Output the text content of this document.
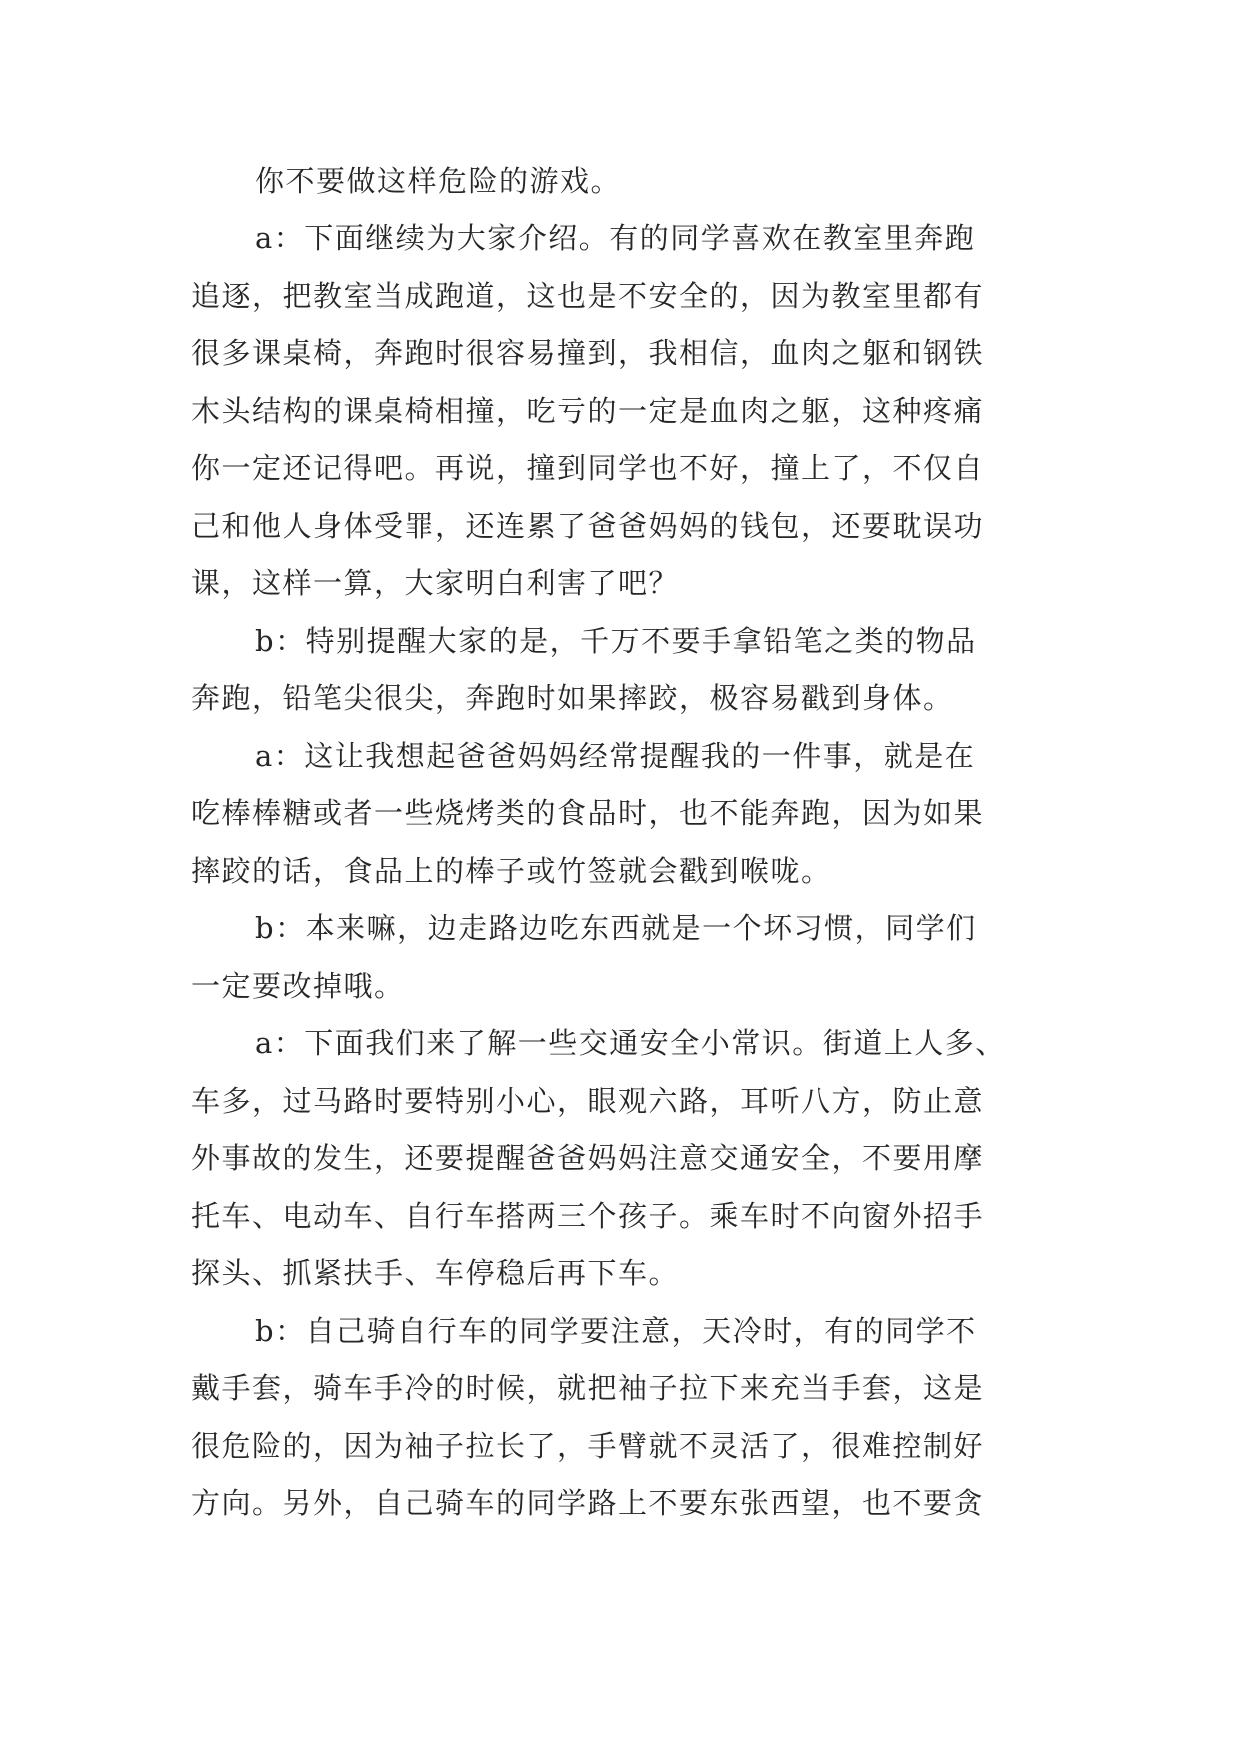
你不要做这样危险的游戏。
a：下面继续为大家介绍。有的同学喜欢在教室里奔跑
追逐，把教室当成跑道，这也是不安全的，因为教室里都有
很多课桌椅，奔跑时很容易撞到，我相信，血肉之躯和钢铁
木头结构的课桌椅相撞，吃亏的一定是血肉之躯，这种疼痛
你一定还记得吧。再说，撞到同学也不好，撞上了，不仅自
己和他人身体受罪，还连累了爸爸妈妈的钱包，还要耽误功
课，这样一算，大家明白利害了吧？
b：特别提醒大家的是，千万不要手拿铅笔之类的物品
奔跑，铅笔尖很尖，奔跑时如果摔跤，极容易戳到身体。
a：这让我想起爸爸妈妈经常提醒我的一件事，就是在
吃棒棒糖或者一些烧烤类的食品时，也不能奔跑，因为如果
摔跤的话，食品上的棒子或竹签就会戳到喉咙。
b：本来嘛，边走路边吃东西就是一个坏习惯，同学们
一定要改掉哦。
a：下面我们来了解一些交通安全小常识。街道上人多、
车多，过马路时要特别小心，眼观六路，耳听八方，防止意
外事故的发生，还要提醒爸爸妈妈注意交通安全，不要用摩
托车、电动车、自行车搭两三个孩子。乘车时不向窗外招手
探头、抓紧扶手、车停稳后再下车。
b：自己骑自行车的同学要注意，天冷时，有的同学不
戴手套，骑车手冷的时候，就把袖子拉下来充当手套，这是
很危险的，因为袖子拉长了，手臂就不灵活了，很难控制好
方向。另外，自己骑车的同学路上不要东张西望，也不要贪
